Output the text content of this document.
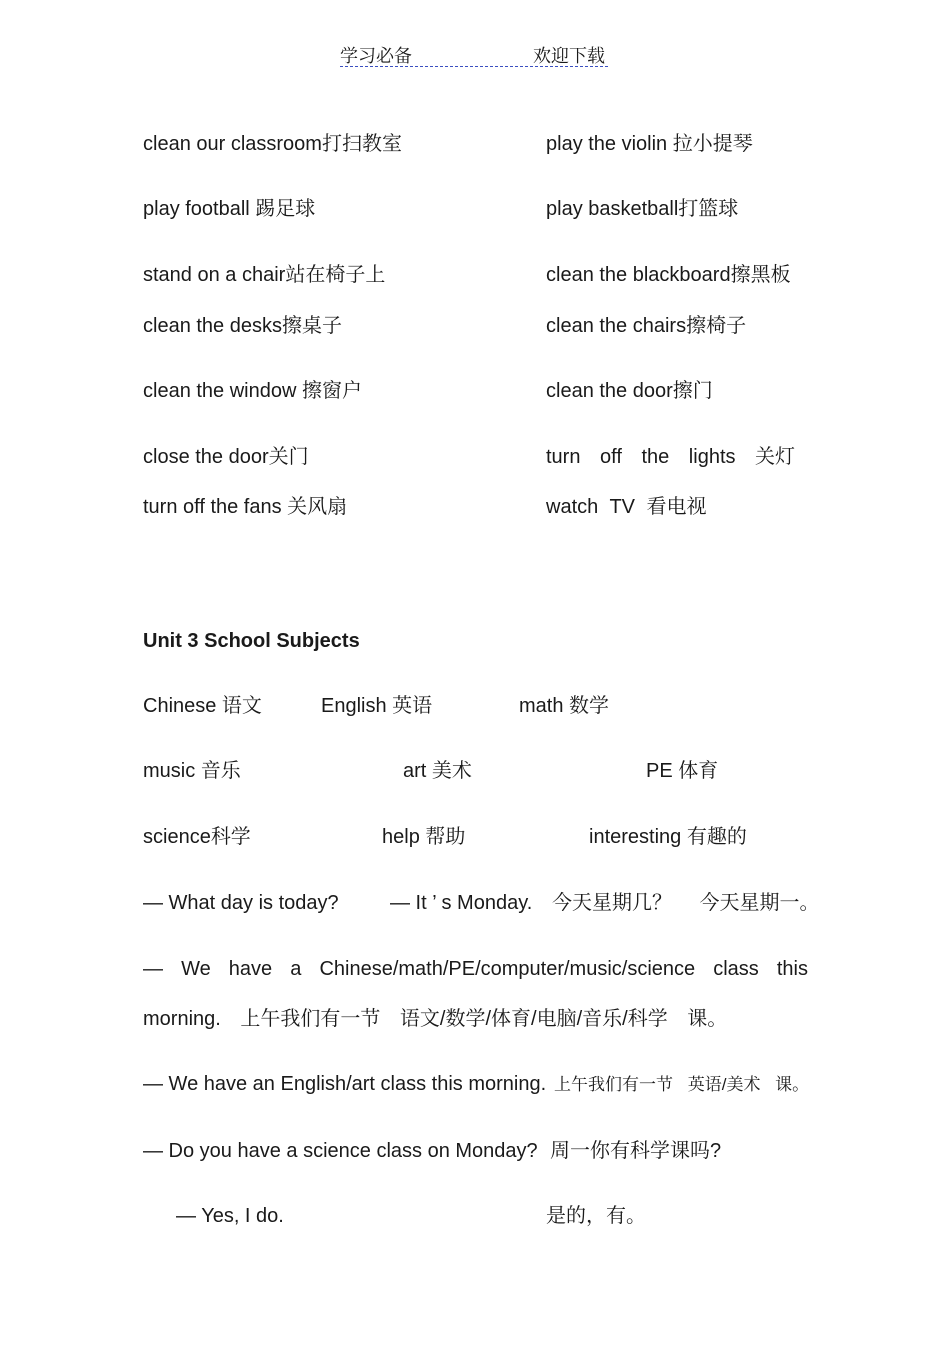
学习必备	欢迎下载
clean our classroom打扫教室	play the violin 拉小提琴
play football 踢足球	play basketball打篮球
stand on a chair站在椅子上	clean the blackboard擦黑板
clean the desks擦桌子	clean the chairs擦椅子
clean the window 擦窗户	clean the door擦门
close the door关门	turn off the lights 关灯
turn off the fans 关风扇	watch TV 看电视
Unit 3 School Subjects
Chinese 语文	English 英语	math 数学
music 音乐	art 美术	PE 体育
science科学	help 帮助	interesting 有趣的
— What day is today?	— It ’ s Monday. 今天星期几？ 今天星期一。
— We have a Chinese/math/PE/computer/music/science class this
morning. 上午我们有一节 语文/数学/体育/电脑/音乐/科学 课。
— We have an English/art class this morning. 上午我们有一节 英语/美术 课。
— Do you have a science class on Monday? 周一你有科学课吗?
— Yes, I do.	是的，有。
